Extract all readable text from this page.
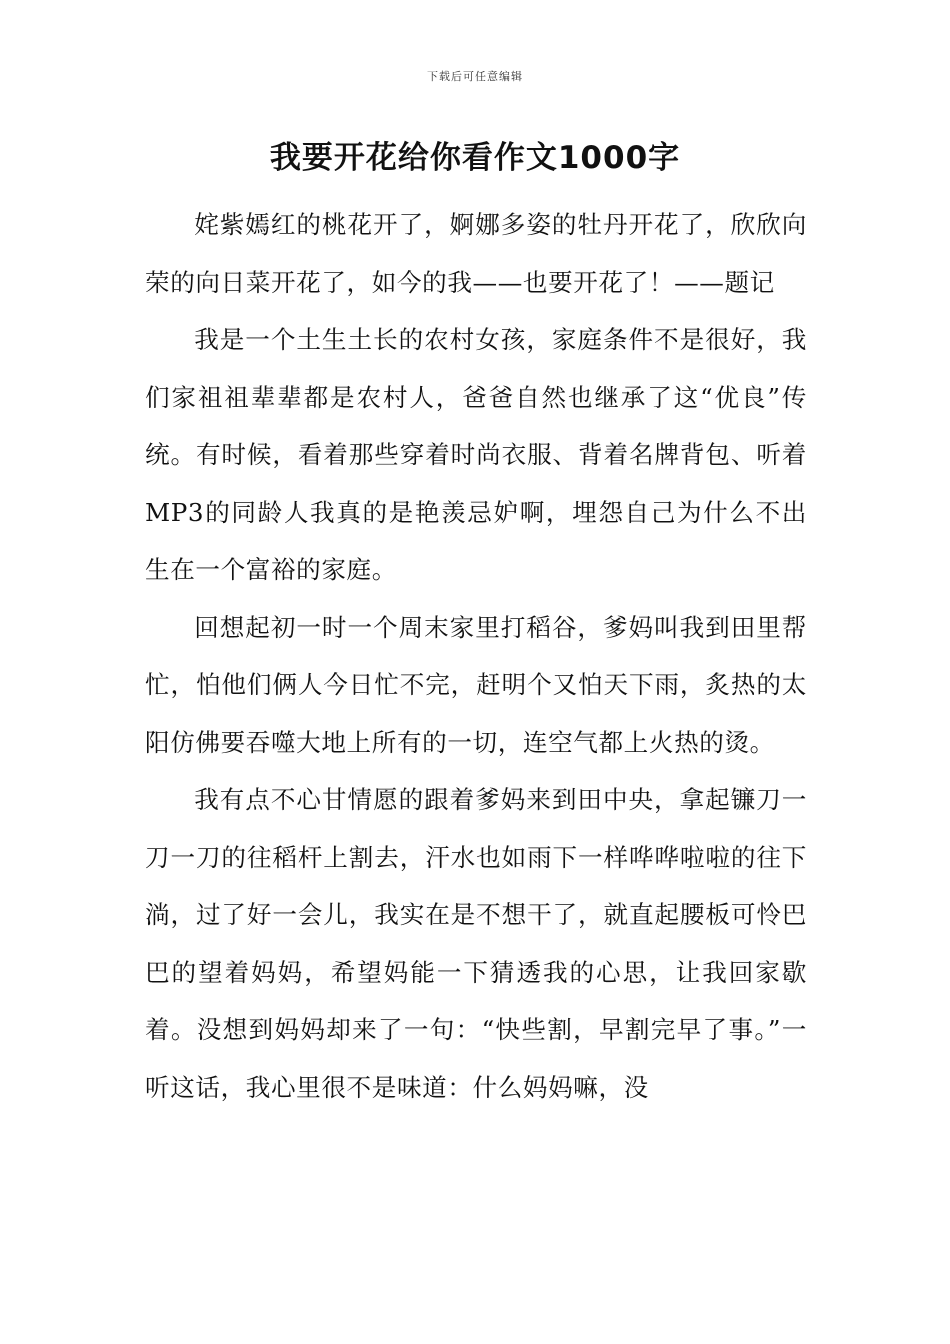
下载后可任意编辑
我要开花给你看作文1000字

姹紫嫣红的桃花开了，婀娜多姿的牡丹开花了，欣欣向荣的向日菜开花了，如今的我——也要开花了！——题记

我是一个土生土长的农村女孩，家庭条件不是很好，我们家祖祖辈辈都是农村人，爸爸自然也继承了这“优良”传统。有时候，看着那些穿着时尚衣服、背着名牌背包、听着MP3的同龄人我真的是艳羡忌妒啊，埋怨自己为什么不出生在一个富裕的家庭。

回想起初一时一个周末家里打稻谷，爹妈叫我到田里帮忙，怕他们俩人今日忙不完，赶明个又怕天下雨，炙热的太阳仿佛要吞噬大地上所有的一切，连空气都上火热的烫。

我有点不心甘情愿的跟着爹妈来到田中央，拿起镰刀一刀一刀的往稻杆上割去，汗水也如雨下一样哗哗啦啦的往下淌，过了好一会儿，我实在是不想干了，就直起腰板可怜巴巴的望着妈妈，希望妈能一下猜透我的心思，让我回家歇着。没想到妈妈却来了一句：“快些割，早割完早了事。”一听这话，我心里很不是味道：什么妈妈嘛，没
